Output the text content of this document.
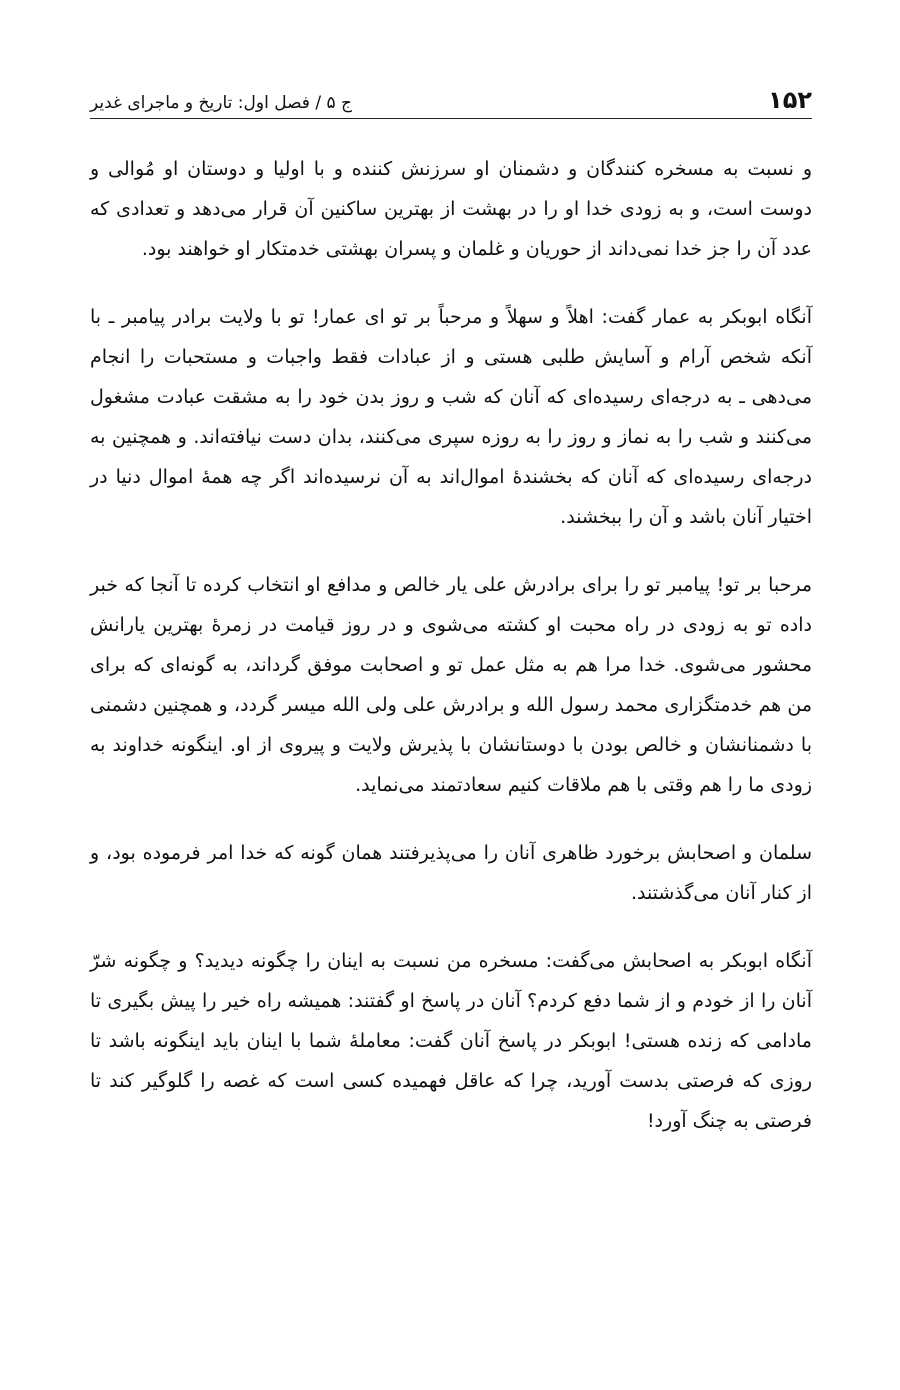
۱۵۲
ج ۵ / فصل اول: تاریخ و ماجرای غدیر

و نسبت به مسخره کنندگان و دشمنان او سرزنش کننده و با اولیا و دوستان او مُوالی و دوست است، و به زودی خدا او را در بهشت از بهترین ساکنین آن قرار می‌دهد و تعدادی که عدد آن را جز خدا نمی‌داند از حوریان و غلمان و پسران بهشتی خدمتکار او خواهند بود.

آنگاه ابوبکر به عمار گفت: اهلاً و سهلاً و مرحباً بر تو ای عمار! تو با ولایت برادر پیامبر ـ با آنکه شخص آرام و آسایش طلبی هستی و از عبادات فقط واجبات و مستحبات را انجام می‌دهی ـ به درجه‌ای رسیده‌ای که آنان که شب و روز بدن خود را به مشقت عبادت مشغول می‌کنند و شب را به نماز و روز را به روزه سپری می‌کنند، بدان دست نیافته‌اند. و همچنین به درجه‌ای رسیده‌ای که آنان که بخشندهٔ اموال‌اند به آن نرسیده‌اند اگر چه همهٔ اموال دنیا در اختیار آنان باشد و آن را ببخشند.

مرحبا بر تو! پیامبر تو را برای برادرش علی یار خالص و مدافع او انتخاب کرده تا آنجا که خبر داده تو به زودی در راه محبت او کشته می‌شوی و در روز قیامت در زمرهٔ بهترین یارانش محشور می‌شوی. خدا مرا هم به مثل عمل تو و اصحابت موفق گرداند، به گونه‌ای که برای من هم خدمتگزاری محمد رسول الله و برادرش علی ولی الله میسر گردد، و همچنین دشمنی با دشمنانشان و خالص بودن با دوستانشان با پذیرش ولایت و پیروی از او. اینگونه خداوند به زودی ما را هم وقتی با هم ملاقات کنیم سعادتمند می‌نماید.

سلمان و اصحابش برخورد ظاهری آنان را می‌پذیرفتند همان گونه که خدا امر فرموده بود، و از کنار آنان می‌گذشتند.

آنگاه ابوبکر به اصحابش می‌گفت: مسخره من نسبت به اینان را چگونه دیدید؟ و چگونه شرّ آنان را از خودم و از شما دفع کردم؟ آنان در پاسخ او گفتند: همیشه راه خیر را پیش بگیری تا مادامی که زنده هستی! ابوبکر در پاسخ آنان گفت: معاملهٔ شما با اینان باید اینگونه باشد تا روزی که فرصتی بدست آورید، چرا که عاقل فهمیده کسی است که غصه را گلوگیر کند تا فرصتی به چنگ آورد!
